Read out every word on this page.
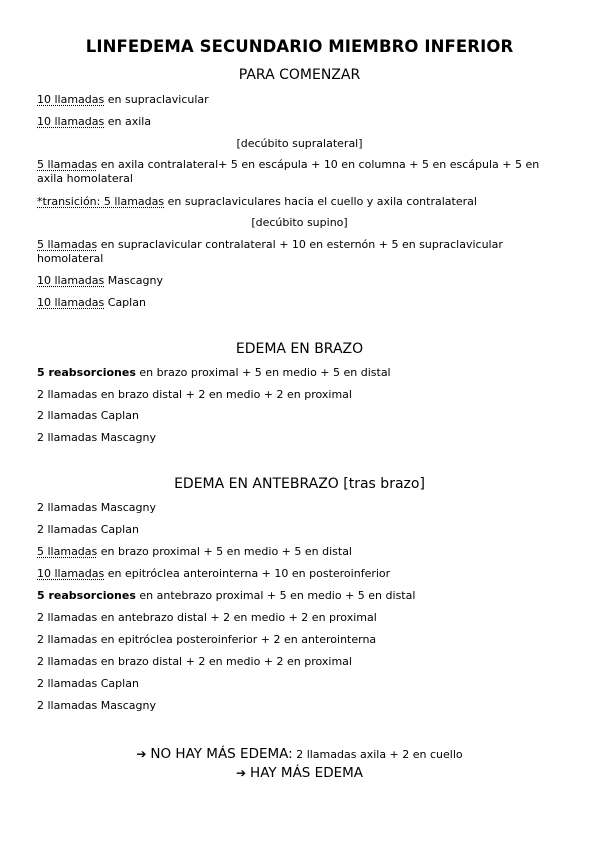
LINFEDEMA SECUNDARIO MIEMBRO INFERIOR
PARA COMENZAR
10 llamadas en supraclavicular
10 llamadas en axila
[decúbito supralateral]
5 llamadas en axila contralateral+ 5 en escápula + 10 en columna + 5 en escápula + 5 en axila homolateral
*transición: 5 llamadas en supraclaviculares hacia el cuello y axila contralateral
[decúbito supino]
5 llamadas en supraclavicular contralateral + 10 en esternón + 5 en supraclavicular homolateral
10 llamadas Mascagny
10 llamadas Caplan
EDEMA EN BRAZO
5 reabsorciones en brazo proximal + 5 en medio + 5 en distal
2 llamadas en brazo distal + 2 en medio + 2 en proximal
2 llamadas Caplan
2 llamadas Mascagny
EDEMA EN ANTEBRAZO [tras brazo]
2 llamadas Mascagny
2 llamadas Caplan
5 llamadas en brazo proximal + 5 en medio + 5 en distal
10 llamadas en epitróclea anterointerna + 10 en posteroinferior
5 reabsorciones en antebrazo proximal + 5 en medio + 5 en distal
2 llamadas en antebrazo distal + 2 en medio + 2 en proximal
2 llamadas en epitróclea posteroinferior + 2 en anterointerna
2 llamadas en brazo distal + 2 en medio + 2 en proximal
2 llamadas Caplan
2 llamadas Mascagny
➔ NO HAY MÁS EDEMA: 2 llamadas axila + 2 en cuello
➔ HAY MÁS EDEMA
